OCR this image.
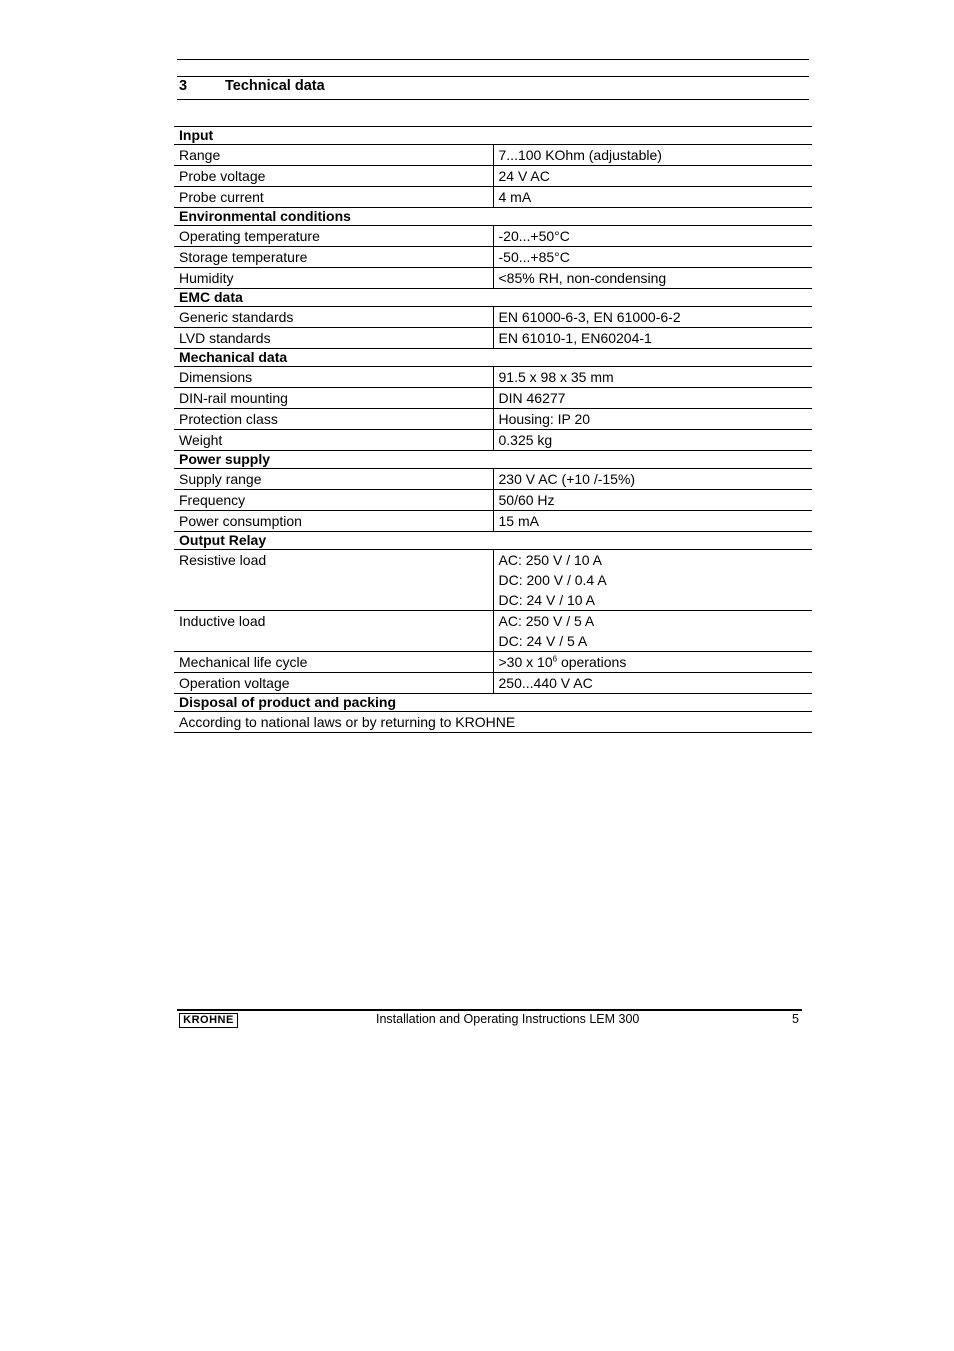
3	Technical data
Input	
Range	7...100 KOhm (adjustable)
Probe voltage	24 V AC
Probe current	4 mA
Environmental conditions	
Operating temperature	-20...+50°C
Storage temperature	-50...+85°C
Humidity	<85% RH, non-condensing
EMC data	
Generic standards	EN 61000-6-3, EN 61000-6-2
LVD standards	EN 61010-1, EN60204-1
Mechanical data	
Dimensions	91.5 x 98 x 35 mm
DIN-rail mounting	DIN 46277
Protection class	Housing: IP 20
Weight	0.325 kg
Power supply	
Supply range	230 V AC (+10 /-15%)
Frequency	50/60 Hz
Power consumption	15 mA
Output Relay	
Resistive load	AC: 250 V / 10 A
DC: 200 V / 0.4 A
DC: 24 V / 10 A

Inductive load	AC: 250 V / 5 A
DC: 24 V / 5 A

Mechanical life cycle	>30 x $10^6$ operations
Operation voltage	250...440 V AC
Disposal of product and packing	
According to national laws or by returning to KROHNE	
KROHNE	Installation and Operating Instructions LEM 300	5
